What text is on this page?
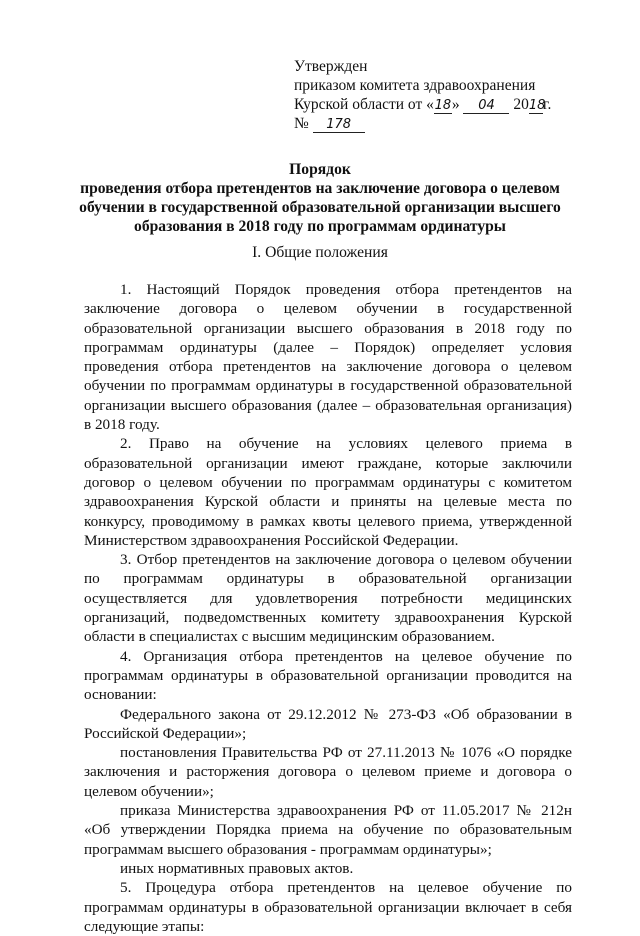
Утвержден
приказом комитета здравоохранения
Курской области от «18» 04 2018г.
№ 178
Порядок
проведения отбора претендентов на заключение договора о целевом обучении в государственной образовательной организации высшего образования в 2018 году по программам ординатуры
I. Общие положения

1. Настоящий Порядок проведения отбора претендентов на заключение договора о целевом обучении в государственной образовательной организации высшего образования в 2018 году по программам ординатуры (далее – Порядок) определяет условия проведения отбора претендентов на заключение договора о целевом обучении по программам ординатуры в государственной образовательной организации высшего образования (далее – образовательная организация) в 2018 году.

2. Право на обучение на условиях целевого приема в образовательной организации имеют граждане, которые заключили договор о целевом обучении по программам ординатуры с комитетом здравоохранения Курской области и приняты на целевые места по конкурсу, проводимому в рамках квоты целевого приема, утвержденной Министерством здравоохранения Российской Федерации.

3. Отбор претендентов на заключение договора о целевом обучении по программам ординатуры в образовательной организации осуществляется для удовлетворения потребности медицинских организаций, подведомственных комитету здравоохранения Курской области в специалистах с высшим медицинским образованием.

4. Организация отбора претендентов на целевое обучение по программам ординатуры в образовательной организации проводится на основании:

Федерального закона от 29.12.2012 № 273-ФЗ «Об образовании в Российской Федерации»;

постановления Правительства РФ от 27.11.2013 № 1076 «О порядке заключения и расторжения договора о целевом приеме и договора о целевом обучении»;

приказа Министерства здравоохранения РФ от 11.05.2017 № 212н «Об утверждении Порядка приема на обучение по образовательным программам высшего образования - программам ординатуры»;

иных нормативных правовых актов.

5. Процедура отбора претендентов на целевое обучение по программам ординатуры в образовательной организации включает в себя следующие этапы:
